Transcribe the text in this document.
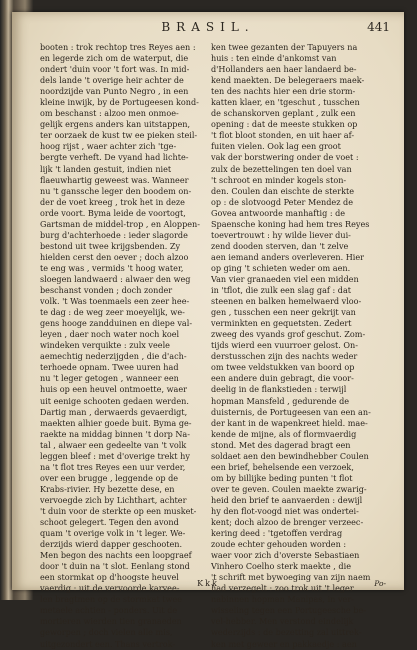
BRASIL.	441
booten : trok rechtop tres Reyes aen :
en legerde zich om de waterput, die
ondert 'duin voor 't fort was. In mid-
dels lande 't overige heir achter de
noordzijde van Punto Negro , in een
kleine inwijk, by de Portugeesen kond-
om beschanst : alzoo men onmoe-
gelijk ergens anders kan uitstappen,
ter oorzaek de kust tw ee pieken steil-
hoog rijst , waer achter zich 'tge-
bergte verheft. De vyand had lichte-
lijk 't landen gestuit, indien niet
flaeuwhartig geweest was. Wanneer
nu 't ganssche leger den boodem on-
der de voet kreeg , trok het in deze
orde voort. Byma leide de voortogt,
Gartsman de middel-trop , en Aloppen-
burg d'achterhoede : ieder slagorde
bestond uit twee krijgsbenden. Zy
hielden cerst den oever ; doch alzoo
te eng was , vermids 't hoog water,
sloegen landwaerd : alwaer den weg
beschanst vonden ; doch zonder
volk. 't Was toenmaels een zeer hee-
te dag : de weg zeer moeyelijk, we-
gens hooge zandduinen en diepe val-
leyen , daer noch water noch koel
windeken verquikte : zulx veele
aemechtig nederzijgden , die d'ach-
terhoede opnam. Twee uuren had
nu 't leger getogen , wanneer een
huis op een heuvel ontmoette, waer
uit eenige schooten gedaen werden.
Dartig man , derwaerds gevaerdigt,
maekten alhier goede buit. Byma ge-
raekte na middag binnen 't dorp Na-
tal , alwaer een gedeelte van 't volk
leggen bleef : met d'overige trekt hy
na 't flot tres Reyes een uur verder,
over een brugge , leggende op de
Krabs-rivier. Hy bezette dese, en
vervoegde zich by Lichthart, achter
't duin voor de sterkte op een musket-
schoot gelegert. Tegen den avond
quam 't overige volk in 't leger. We-
derzijds wierd dapper geschooten.
Men begon des nachts een loopgraef
door 't duin na 't slot. Eenlang stond
een stormkat op d'hoogste heuvel
vaerdig : uit de vervoorde karvee-
len bragtmen op de stormkat twee
metaele achtien - ponders. Uit de
mortieren wierden tien granaeden
geworpen ; doch vielen alle mis,
uitgezondert een. Thans vertrok-
ken twee gezanten der Tapuyers na
huis : ten einde d'ankomst van
d'Hollanders aen haer landaerd be-
kend maekten. De belegeraers maek-
ten des nachts hier een drie storm-
katten klaer, en 'tgeschut , tusschen
de schanskorven geplant , zulk een
opening : dat de meeste stukken op
't flot bloot stonden, en uit haer af-
fuiten vielen. Ook lag een groot
vak der borstwering onder de voet :
zulx de bezettelingen ten doel van
't schroot en minder kogels ston-
den. Coulen dan eischte de sterkte
op : de slotvoogd Peter Mendez de
Govea antwoorde manhaftig : de
Spaensche koning had hem tres Reyes
toevertrouwt : hy wilde liever dui-
zend dooden sterven, dan 't zelve
aen iemand anders overleveren. Hier
op ging 't schieten weder om aen.
Van vier granaeden viel een midden
in 'tflot, die zulk een slag gaf : dat
steenen en balken hemelwaerd vloo-
gen , tusschen een neer gekrijt van
verminkten en gequetsten. Zedert
zweeg des vyands grof geschut. Zom-
tijds wierd een vuurroer gelost. On-
derstusschen zijn des nachts weder
om twee veldstukken van boord op
een andere duin gebragt, die voor-
deelig in de flankstieden : terwijl
hopman Mansfeld , gedurende de
duisternis, de Portugeesen van een an-
der kant in de wapenkreet hield. mae-
kende de mijne, als of flormvaerdig
stond. Met des dagerad bragt een
soldaet aen den bewindhebber Coulen
een brief, behelsende een verzoek,
om by billijke beding punten 't flot
over te geven. Coulen maekte zwarig-
heid den brief te aanvaerden : dewijl
hy den flot-voogd niet was ondertei-
kent; doch alzoo de brenger verzeec-
kering deed : 'tgetoffen verdrag
zoude echter gehouden worden :
waer voor zich d'overste Sebastiaen
Vinhero Coelho sterk maekte , die
't schrift met bywoeging van zijn naem
had verzegelt : zoo trok uit 't leger
nabinnen hopman Manlpas, in ver-
wisseling tegen een Portugeesche be-
vel-hebber. Men verstond eindelijk
wederzijds : de bezetting zal uittrek-
ken met geweer en pakkaedje : aen
Kkk	Po-
